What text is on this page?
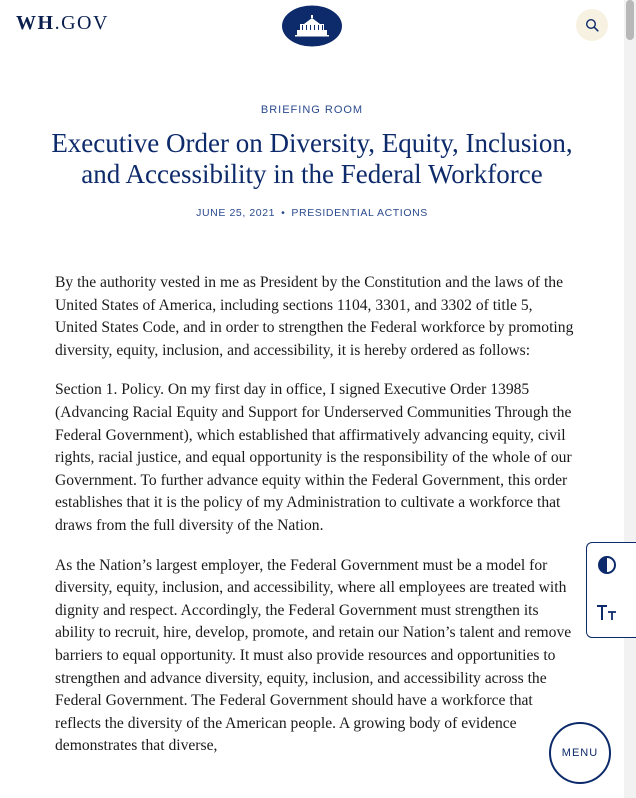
WH.GOV
BRIEFING ROOM
Executive Order on Diversity, Equity, Inclusion, and Accessibility in the Federal Workforce
JUNE 25, 2021 • PRESIDENTIAL ACTIONS

By the authority vested in me as President by the Constitution and the laws of the United States of America, including sections 1104, 3301, and 3302 of title 5, United States Code, and in order to strengthen the Federal workforce by promoting diversity, equity, inclusion, and accessibility, it is hereby ordered as follows:

Section 1. Policy. On my first day in office, I signed Executive Order 13985 (Advancing Racial Equity and Support for Underserved Communities Through the Federal Government), which established that affirmatively advancing equity, civil rights, racial justice, and equal opportunity is the responsibility of the whole of our Government. To further advance equity within the Federal Government, this order establishes that it is the policy of my Administration to cultivate a workforce that draws from the full diversity of the Nation.

As the Nation’s largest employer, the Federal Government must be a model for diversity, equity, inclusion, and accessibility, where all employees are treated with dignity and respect. Accordingly, the Federal Government must strengthen its ability to recruit, hire, develop, promote, and retain our Nation’s talent and remove barriers to equal opportunity. It must also provide resources and opportunities to strengthen and advance diversity, equity, inclusion, and accessibility across the Federal Government. The Federal Government should have a workforce that reflects the diversity of the American people. A growing body of evidence demonstrates that diverse,	MENU
